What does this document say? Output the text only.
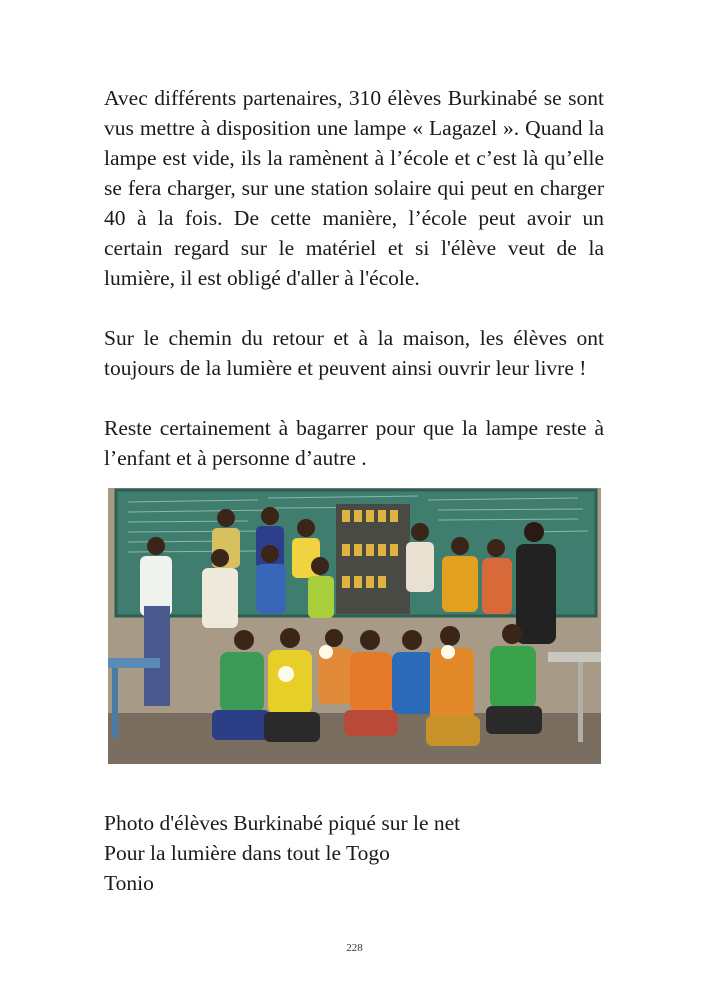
Avec différents partenaires, 310 élèves Burkinabé se sont vus mettre à disposition une lampe « Lagazel ». Quand la lampe est vide, ils la ramènent à l’école et c’est là qu’elle se fera charger, sur une station solaire qui peut en charger 40 à la fois. De cette manière, l’école peut avoir un certain regard sur le matériel et si l'élève veut de la lumière, il est obligé d'aller à l'école.

Sur le chemin du retour et à la maison, les élèves ont toujours de la lumière et peuvent ainsi ouvrir leur livre !

Reste certainement à bagarrer pour que la lampe reste à l’enfant et à personne d’autre .

Photo d'élèves Burkinabé piqué sur le net

Pour la lumière dans tout le Togo

Tonio

228
